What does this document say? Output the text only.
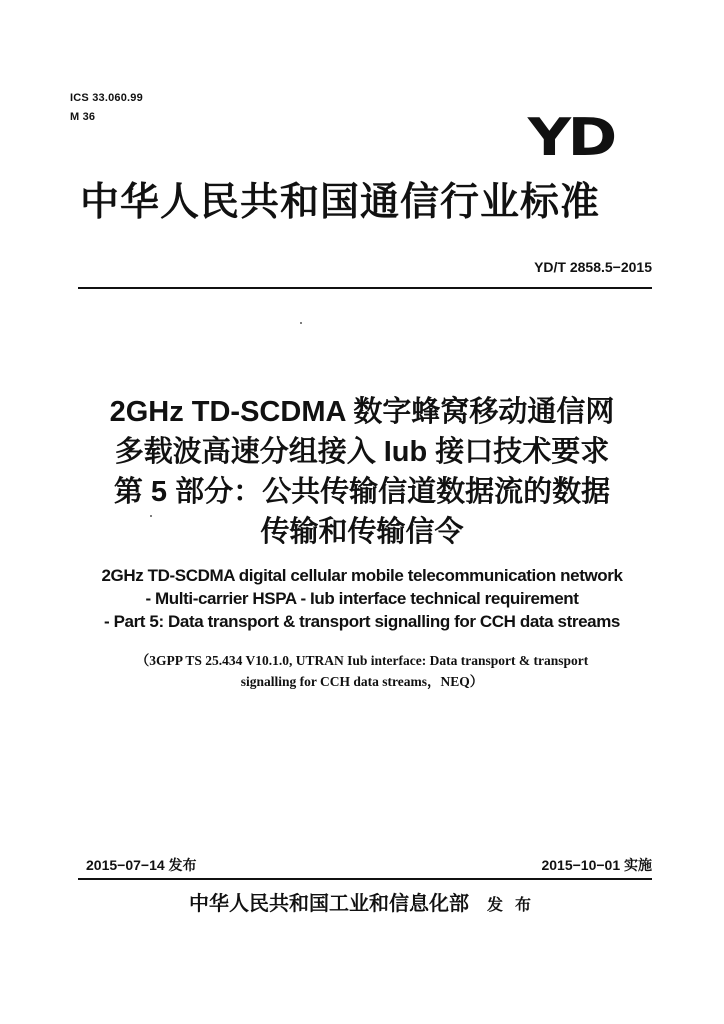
ICS 33.060.99
M 36	YD
中华人民共和国通信行业标准
YD/T 2858.5−2015
2GHz TD-SCDMA 数字蜂窝移动通信网
多载波高速分组接入 Iub 接口技术要求
第 5 部分：公共传输信道数据流的数据
传输和传输信令
2GHz TD-SCDMA digital cellular mobile telecommunication network
- Multi-carrier HSPA - Iub interface technical requirement
- Part 5: Data transport & transport signalling for CCH data streams
（3GPP TS 25.434 V10.1.0, UTRAN Iub interface: Data transport & transport
signalling for CCH data streams，NEQ）
2015−07−14 发布	2015−10−01 实施
中华人民共和国工业和信息化部 发 布
